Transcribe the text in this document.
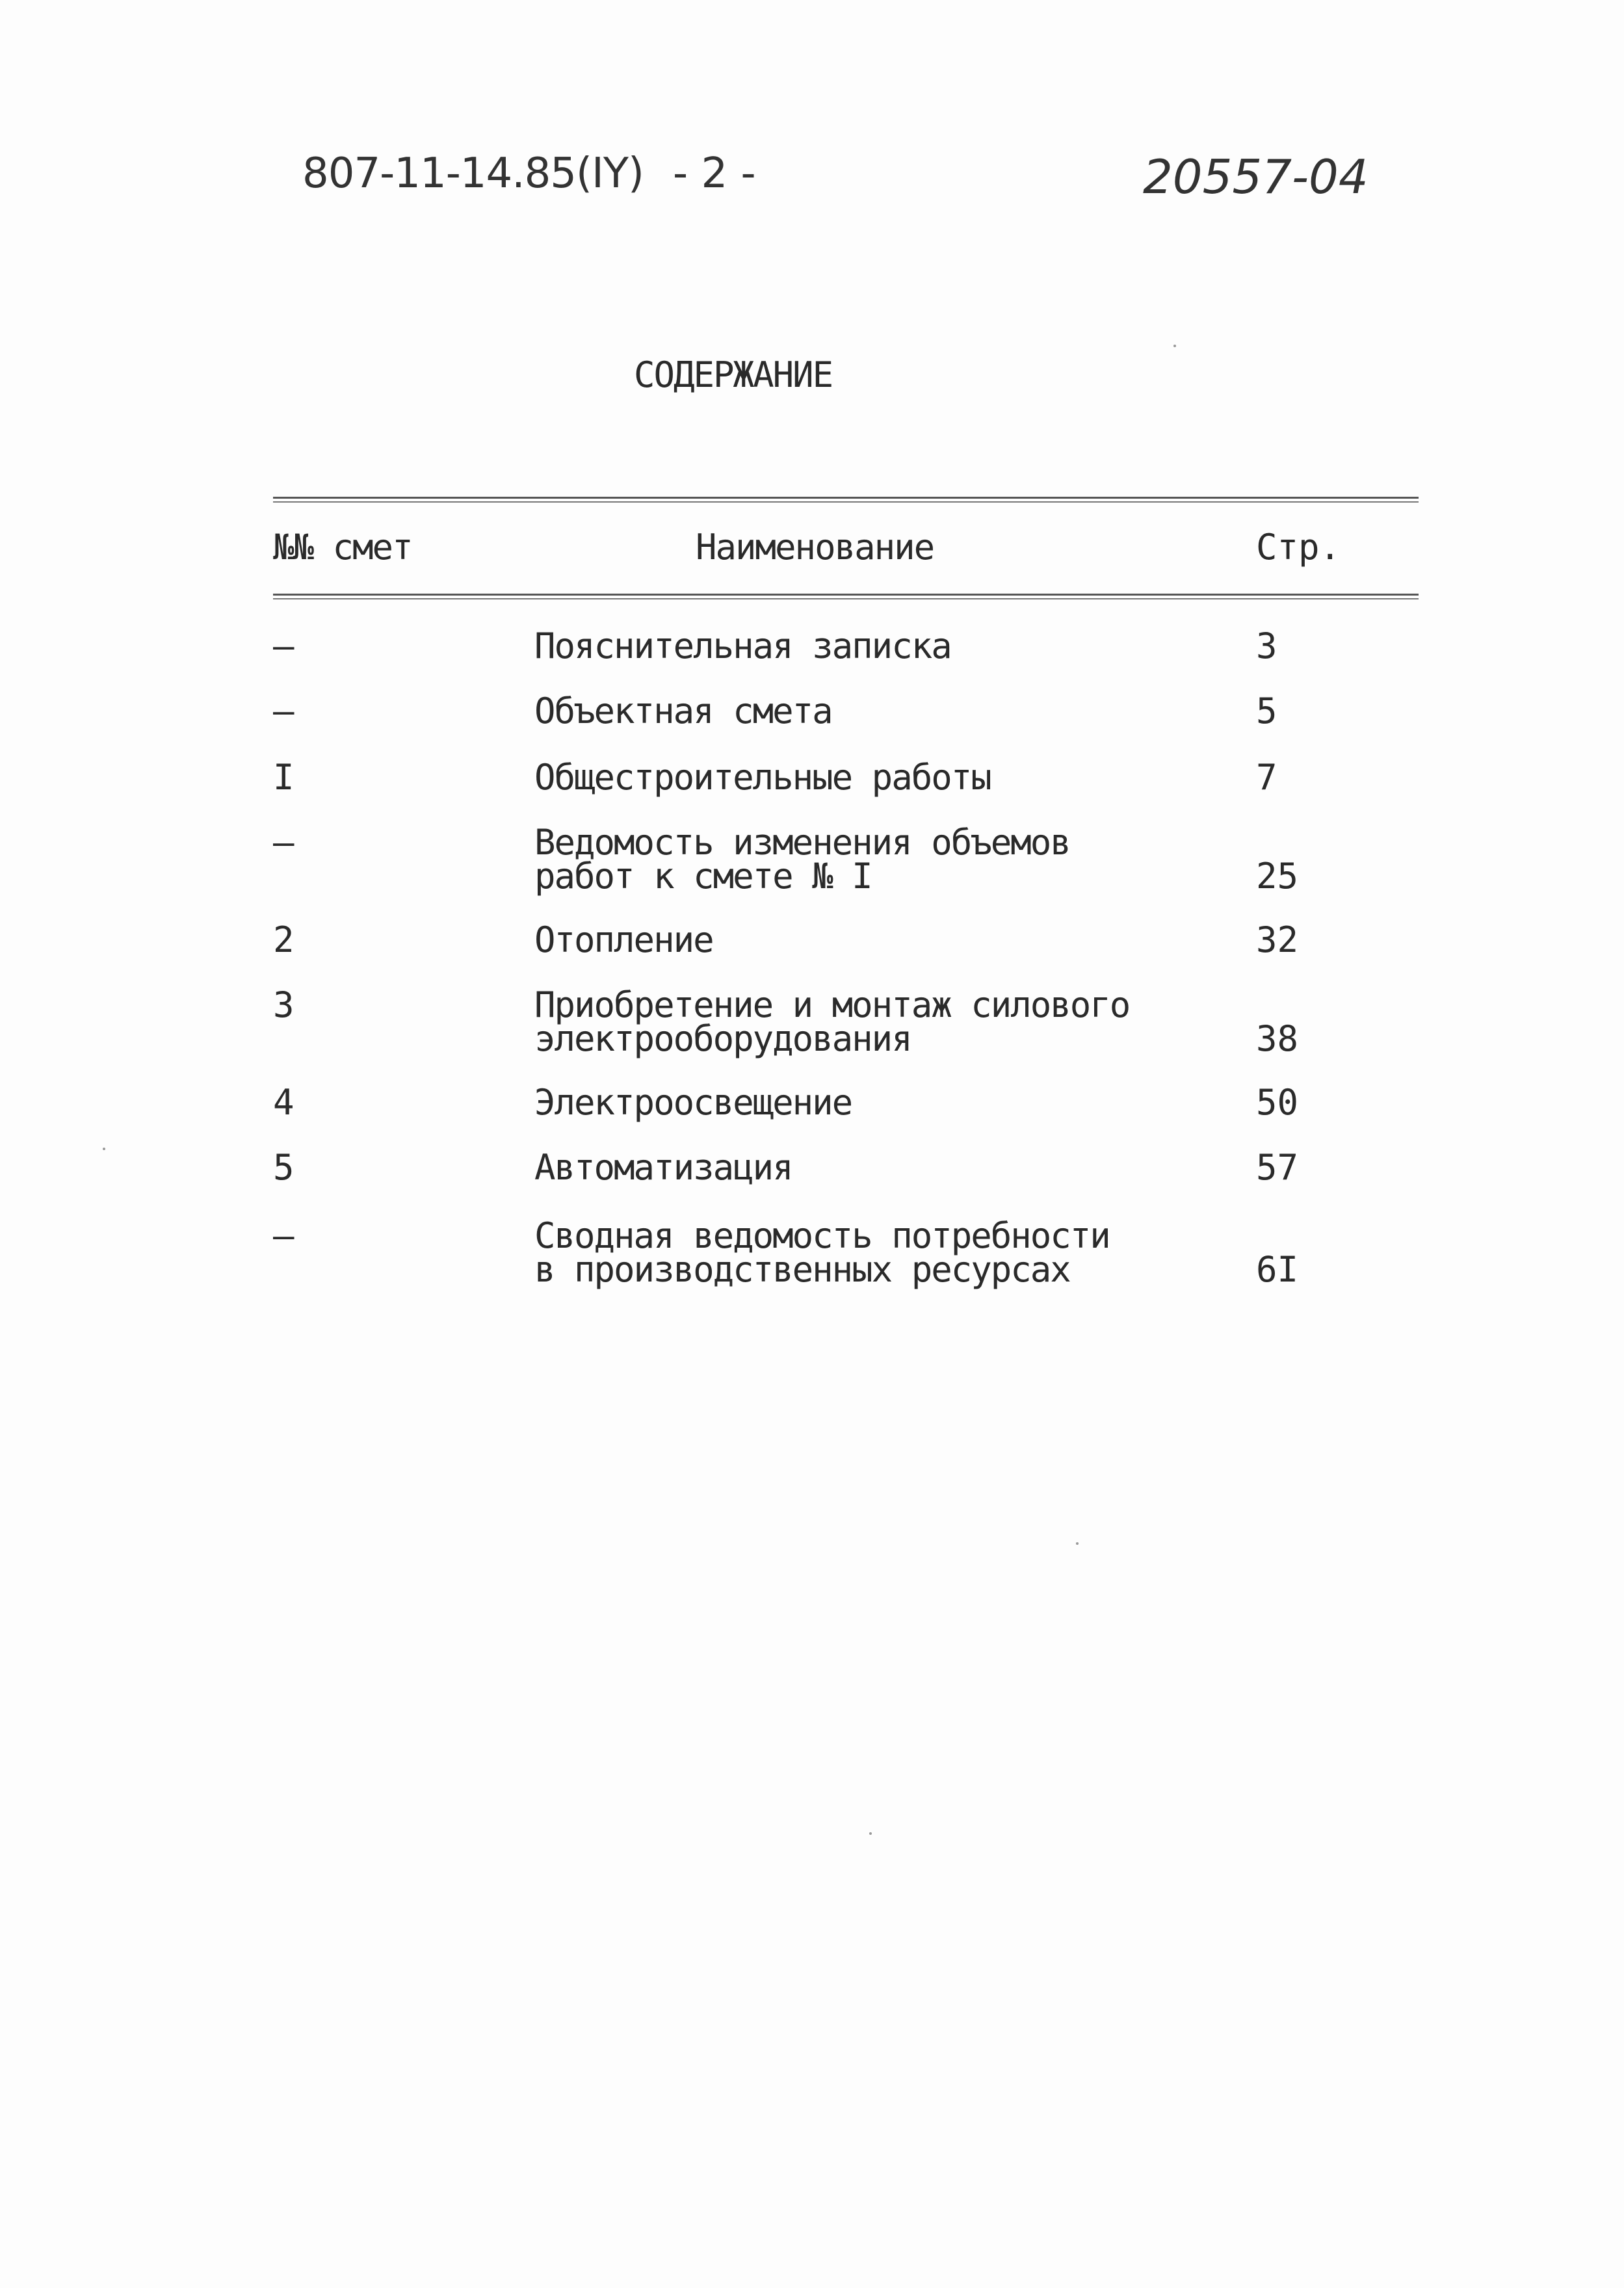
807-11-14.85(IY) - 2 -	20557-04
СОДЕРЖАНИЕ
№№ смет	Наименование	Стр.
–	Пояснительная записка	3
–	Объектная смета	5
I	Общестроительные работы	7
–	Ведомость изменения объемов
работ к смете № I	25
2	Отопление	32
3	Приобретение и монтаж силового
электрооборудования	38
4	Электроосвещение	50
5	Автоматизация	57
–	Сводная ведомость потребности
в производственных ресурсах	6I
